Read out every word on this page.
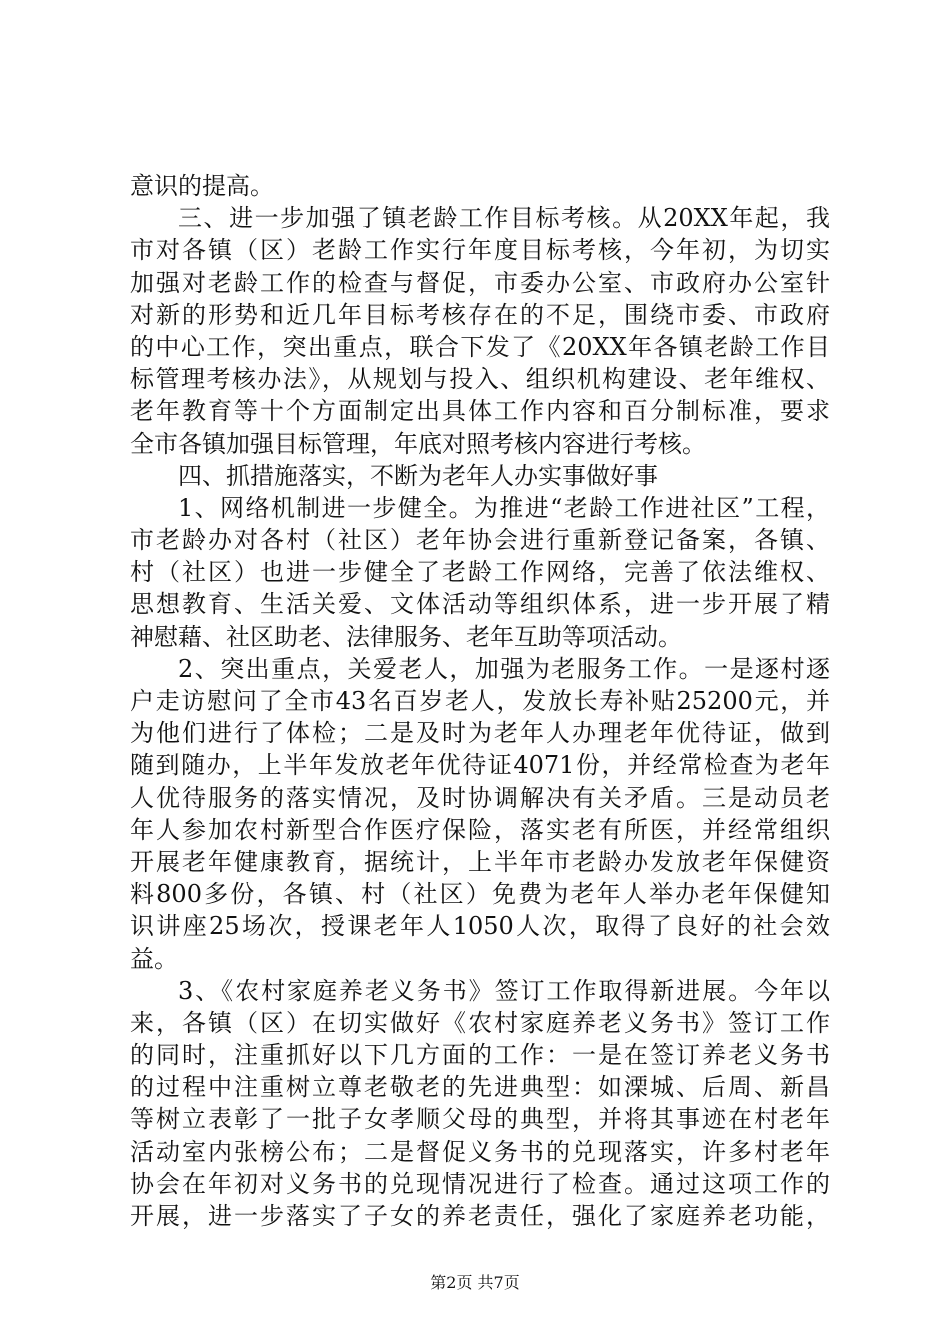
意识的提高。
三、进一步加强了镇老龄工作目标考核。从20XX年起，我
市对各镇（区）老龄工作实行年度目标考核，今年初，为切实
加强对老龄工作的检查与督促，市委办公室、市政府办公室针
对新的形势和近几年目标考核存在的不足，围绕市委、市政府
的中心工作，突出重点，联合下发了《20XX年各镇老龄工作目
标管理考核办法》，从规划与投入、组织机构建设、老年维权、
老年教育等十个方面制定出具体工作内容和百分制标准，要求
全市各镇加强目标管理，年底对照考核内容进行考核。
四、抓措施落实，不断为老年人办实事做好事
1、网络机制进一步健全。为推进“老龄工作进社区”工程，
市老龄办对各村（社区）老年协会进行重新登记备案，各镇、
村（社区）也进一步健全了老龄工作网络，完善了依法维权、
思想教育、生活关爱、文体活动等组织体系，进一步开展了精
神慰藉、社区助老、法律服务、老年互助等项活动。
2、突出重点，关爱老人，加强为老服务工作。一是逐村逐
户走访慰问了全市43名百岁老人，发放长寿补贴25200元，并
为他们进行了体检；二是及时为老年人办理老年优待证，做到
随到随办，上半年发放老年优待证4071份，并经常检查为老年
人优待服务的落实情况，及时协调解决有关矛盾。三是动员老
年人参加农村新型合作医疗保险，落实老有所医，并经常组织
开展老年健康教育，据统计，上半年市老龄办发放老年保健资
料800多份，各镇、村（社区）免费为老年人举办老年保健知
识讲座25场次，授课老年人1050人次，取得了良好的社会效
益。
3、《农村家庭养老义务书》签订工作取得新进展。今年以
来，各镇（区）在切实做好《农村家庭养老义务书》签订工作
的同时，注重抓好以下几方面的工作：一是在签订养老义务书
的过程中注重树立尊老敬老的先进典型：如溧城、后周、新昌
等树立表彰了一批子女孝顺父母的典型，并将其事迹在村老年
活动室内张榜公布；二是督促义务书的兑现落实，许多村老年
协会在年初对义务书的兑现情况进行了检查。通过这项工作的
开展，进一步落实了子女的养老责任，强化了家庭养老功能，
第2页 共7页
